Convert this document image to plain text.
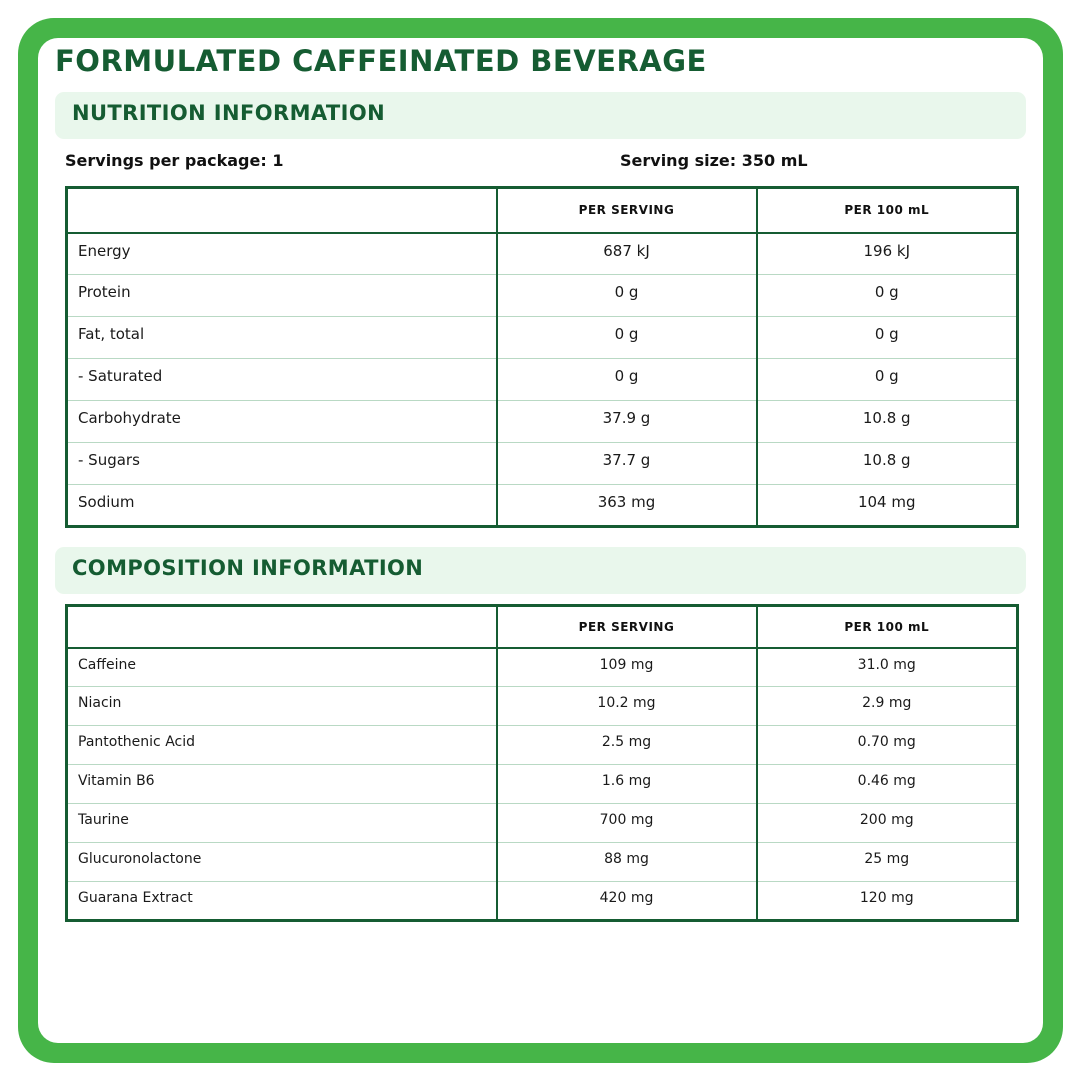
FORMULATED CAFFEINATED BEVERAGE
NUTRITION INFORMATION
Servings per package: 1	Serving size: 350 mL
	PER SERVING	PER 100 mL
Energy	687 kJ	196 kJ
Protein	0 g	0 g
Fat, total	0 g	0 g
- Saturated	0 g	0 g
Carbohydrate	37.9 g	10.8 g
- Sugars	37.7 g	10.8 g
Sodium	363 mg	104 mg
COMPOSITION INFORMATION
	PER SERVING	PER 100 mL
Caffeine	109 mg	31.0 mg
Niacin	10.2 mg	2.9 mg
Pantothenic Acid	2.5 mg	0.70 mg
Vitamin B6	1.6 mg	0.46 mg
Taurine	700 mg	200 mg
Glucuronolactone	88 mg	25 mg
Guarana Extract	420 mg	120 mg
